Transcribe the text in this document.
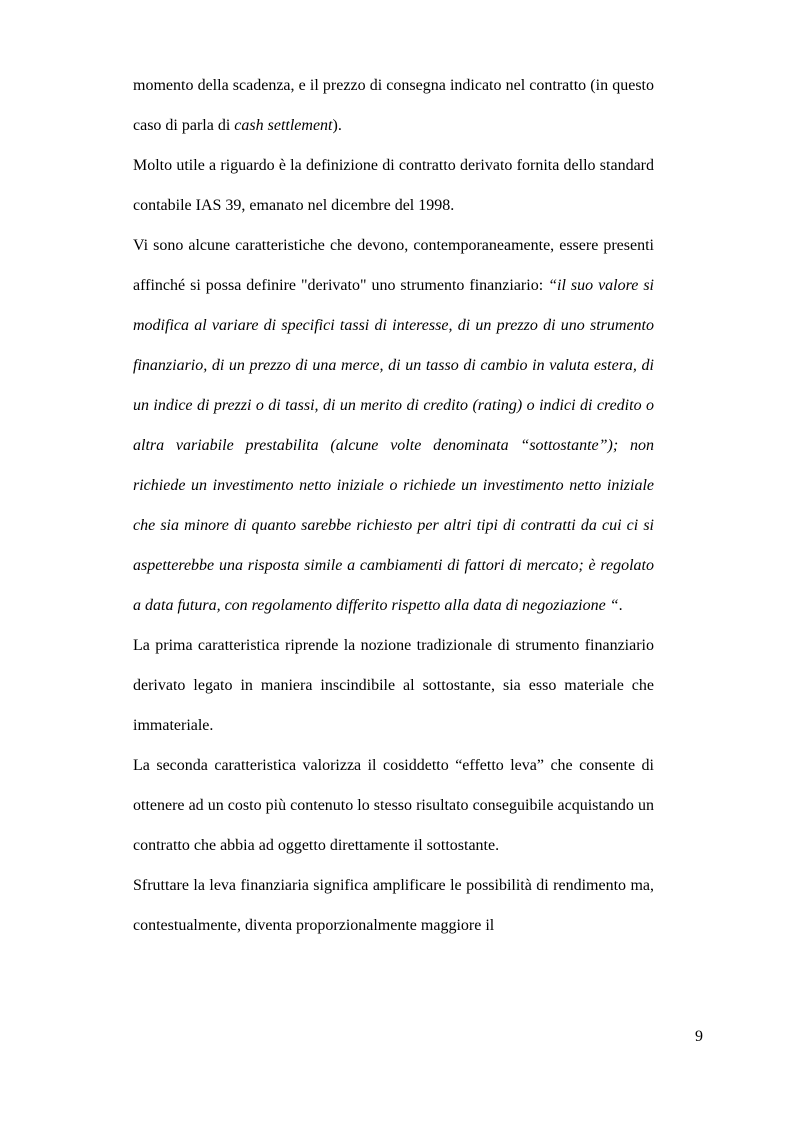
momento della scadenza, e il prezzo di consegna indicato nel contratto (in questo caso di parla di cash settlement).

Molto utile a riguardo è la definizione di contratto derivato fornita dello standard contabile IAS 39, emanato nel dicembre del 1998.

Vi sono alcune caratteristiche che devono, contemporaneamente, essere presenti affinché si possa definire "derivato" uno strumento finanziario: “il suo valore si modifica al variare di specifici tassi di interesse, di un prezzo di uno strumento finanziario, di un prezzo di una merce, di un tasso di cambio in valuta estera, di un indice di prezzi o di tassi, di un merito di credito (rating) o indici di credito o altra variabile prestabilita (alcune volte denominata “sottostante”); non richiede un investimento netto iniziale o richiede un investimento netto iniziale che sia minore di quanto sarebbe richiesto per altri tipi di contratti da cui ci si aspetterebbe una risposta simile a cambiamenti di fattori di mercato; è regolato a data futura, con regolamento differito rispetto alla data di negoziazione “.

La prima caratteristica riprende la nozione tradizionale di strumento finanziario derivato legato in maniera inscindibile al sottostante, sia esso materiale che immateriale.

La seconda caratteristica valorizza il cosiddetto “effetto leva” che consente di ottenere ad un costo più contenuto lo stesso risultato conseguibile acquistando un contratto che abbia ad oggetto direttamente il sottostante.

Sfruttare la leva finanziaria significa amplificare le possibilità di rendimento ma, contestualmente, diventa proporzionalmente maggiore il

9
